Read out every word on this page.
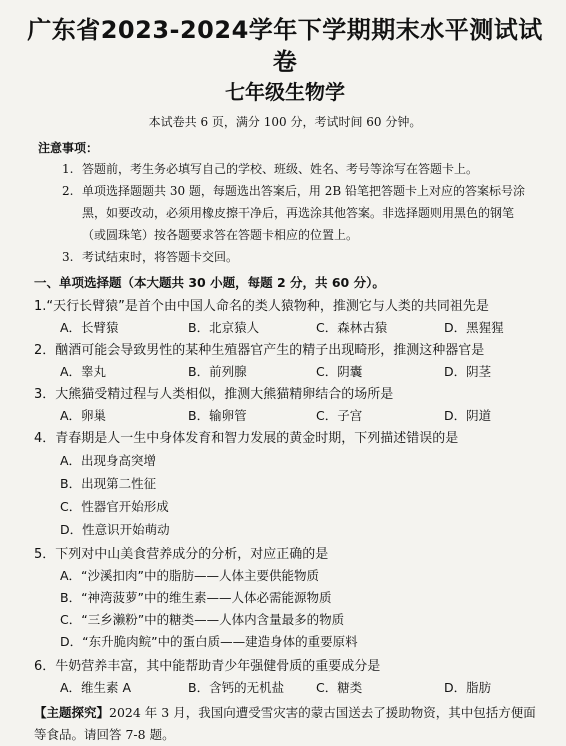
广东省2023-2024学年下学期期末水平测试试卷
七年级生物学
本试卷共 6 页，满分 100 分，考试时间 60 分钟。
注意事项：
1. 答题前，考生务必填写自己的学校、班级、姓名、考号等涂写在答题卡上。
2. 单项选择题题共 30 题，每题选出答案后，用 2B 铅笔把答题卡上对应的答案标号涂黑，如要改动，必须用橡皮擦干净后，再选涂其他答案。非选择题则用黑色的钢笔（或圆珠笔）按各题要求答在答题卡相应的位置上。
3. 考试结束时，将答题卡交回。
一、单项选择题（本大题共 30 小题，每题 2 分，共 60 分）。
1.“天行长臂猿”是首个由中国人命名的类人猿物种，推测它与人类的共同祖先是
A．长臂猿	B．北京猿人	C．森林古猿	D．黑猩猩
2．酗酒可能会导致男性的某种生殖器官产生的精子出现畸形，推测这种器官是
A．睾丸	B．前列腺	C．阴囊	D．阴茎
3．大熊猫受精过程与人类相似，推测大熊猫精卵结合的场所是
A．卵巢	B．输卵管	C．子宫	D．阴道
4．青春期是人一生中身体发育和智力发展的黄金时期，下列描述错误的是
A．出现身高突增
B．出现第二性征
C．性器官开始形成
D．性意识开始萌动
5．下列对中山美食营养成分的分析，对应正确的是
A．“沙溪扣肉”中的脂肪——人体主要供能物质
B．“神湾菠萝”中的维生素——人体必需能源物质
C．“三乡濑粉”中的糖类——人体内含量最多的物质
D．“东升脆肉鲩”中的蛋白质——建造身体的重要原料
6．牛奶营养丰富，其中能帮助青少年强健骨质的重要成分是
A．维生素 A	B．含钙的无机盐	C．糖类	D．脂肪
【主题探究】2024 年 3 月，我国向遭受雪灾害的蒙古国送去了援助物资，其中包括方便面等食品。请回答 7-8 题。
